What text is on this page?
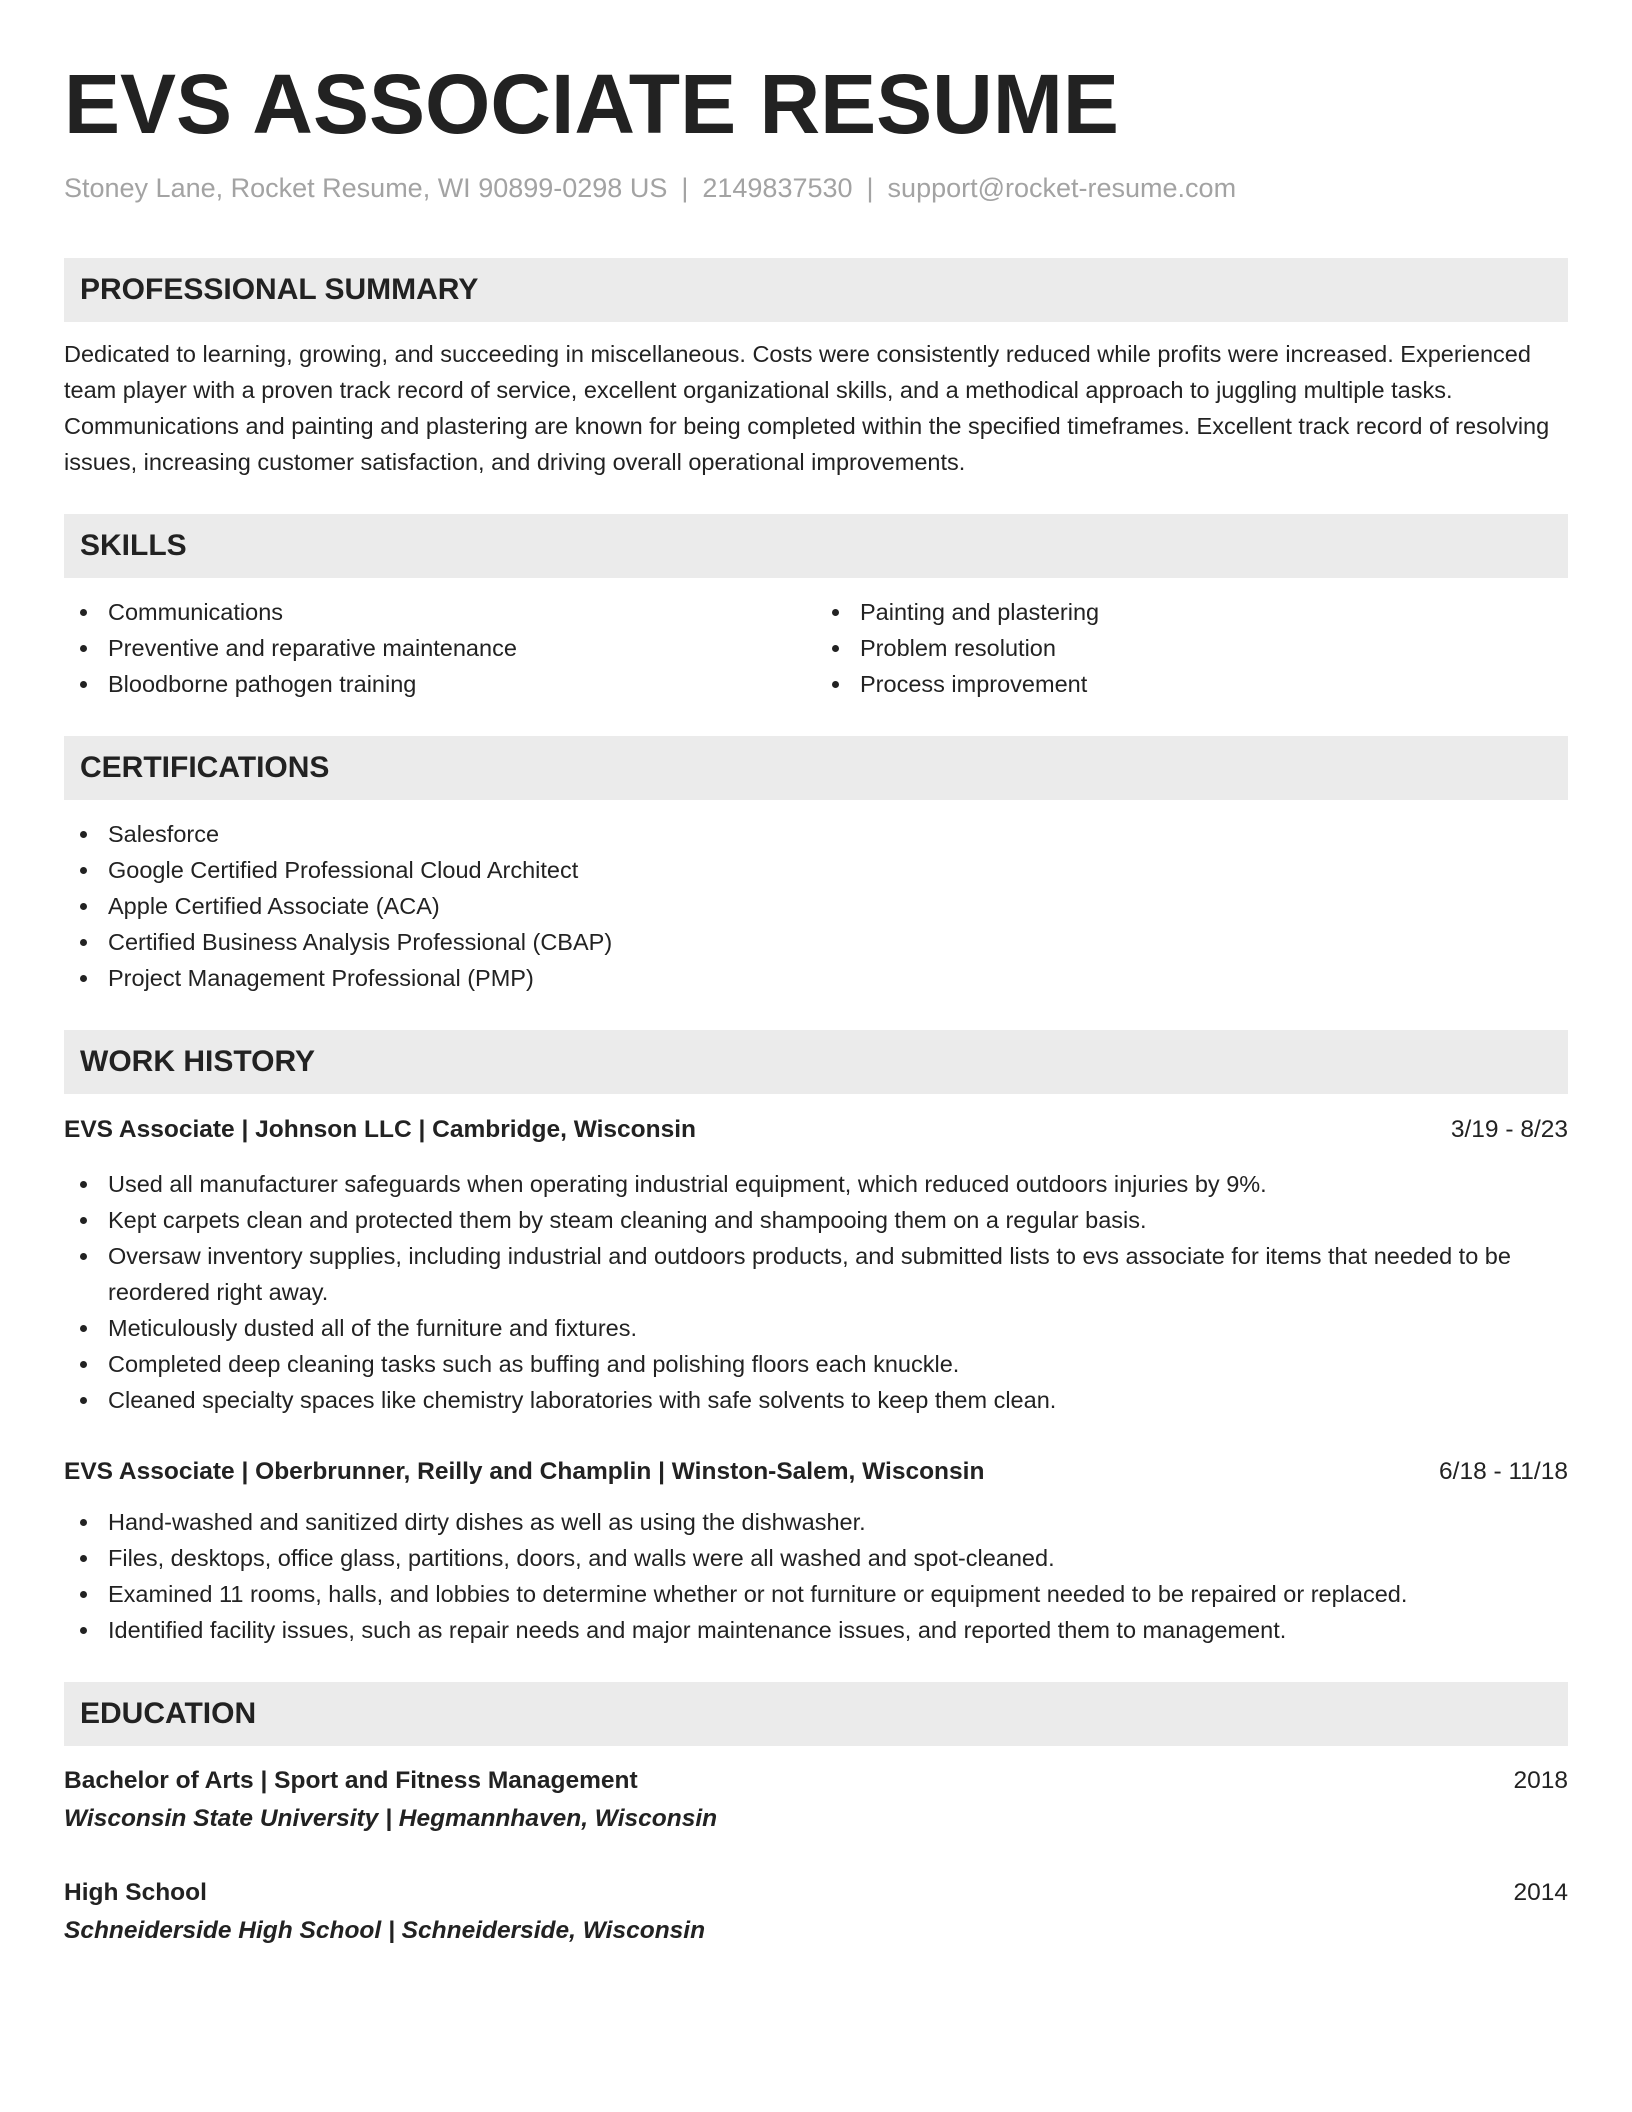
EVS ASSOCIATE RESUME
Stoney Lane, Rocket Resume, WI 90899-0298 US | 2149837530 | support@rocket-resume.com
PROFESSIONAL SUMMARY
Dedicated to learning, growing, and succeeding in miscellaneous. Costs were consistently reduced while profits were increased. Experienced team player with a proven track record of service, excellent organizational skills, and a methodical approach to juggling multiple tasks. Communications and painting and plastering are known for being completed within the specified timeframes. Excellent track record of resolving issues, increasing customer satisfaction, and driving overall operational improvements.
SKILLS
Communications
Preventive and reparative maintenance
Bloodborne pathogen training
Painting and plastering
Problem resolution
Process improvement
CERTIFICATIONS
Salesforce
Google Certified Professional Cloud Architect
Apple Certified Associate (ACA)
Certified Business Analysis Professional (CBAP)
Project Management Professional (PMP)
WORK HISTORY
EVS Associate | Johnson LLC | Cambridge, Wisconsin	3/19 - 8/23
Used all manufacturer safeguards when operating industrial equipment, which reduced outdoors injuries by 9%.
Kept carpets clean and protected them by steam cleaning and shampooing them on a regular basis.
Oversaw inventory supplies, including industrial and outdoors products, and submitted lists to evs associate for items that needed to be reordered right away.
Meticulously dusted all of the furniture and fixtures.
Completed deep cleaning tasks such as buffing and polishing floors each knuckle.
Cleaned specialty spaces like chemistry laboratories with safe solvents to keep them clean.
EVS Associate | Oberbrunner, Reilly and Champlin | Winston-Salem, Wisconsin	6/18 - 11/18
Hand-washed and sanitized dirty dishes as well as using the dishwasher.
Files, desktops, office glass, partitions, doors, and walls were all washed and spot-cleaned.
Examined 11 rooms, halls, and lobbies to determine whether or not furniture or equipment needed to be repaired or replaced.
Identified facility issues, such as repair needs and major maintenance issues, and reported them to management.
EDUCATION
Bachelor of Arts | Sport and Fitness Management	2018
Wisconsin State University | Hegmannhaven, Wisconsin
High School	2014
Schneiderside High School | Schneiderside, Wisconsin
